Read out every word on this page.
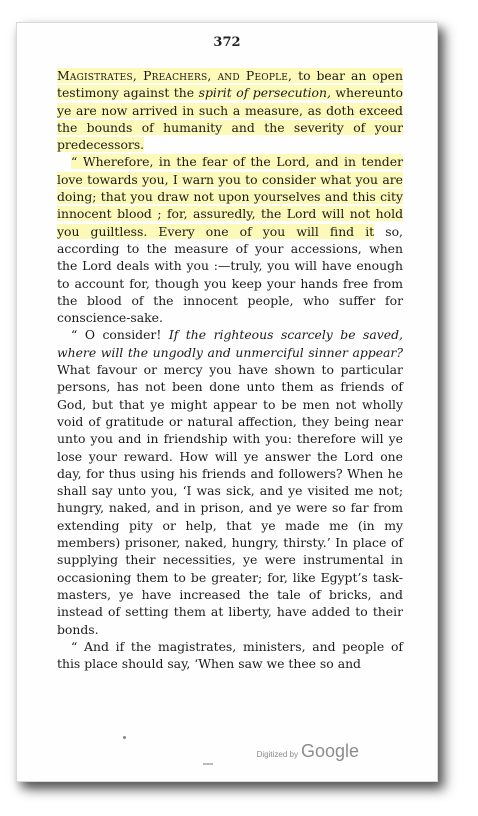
372

Magistrates, Preachers, and People, to bear an open testimony against the spirit of persecution, whereunto ye are now arrived in such a measure, as doth exceed the bounds of humanity and the severity of your predecessors.

“ Wherefore, in the fear of the Lord, and in tender love towards you, I warn you to consider what you are doing; that you draw not upon yourselves and this city innocent blood ; for, assuredly, the Lord will not hold you guiltless. Every one of you will find it so, according to the measure of your accessions, when the Lord deals with you :—truly, you will have enough to account for, though you keep your hands free from the blood of the innocent people, who suffer for conscience-sake.

“ O consider! If the righteous scarcely be saved, where will the ungodly and unmerciful sinner appear? What favour or mercy you have shown to particular persons, has not been done unto them as friends of God, but that ye might appear to be men not wholly void of gratitude or natural affection, they being near unto you and in friendship with you: therefore will ye lose your reward. How will ye answer the Lord one day, for thus using his friends and followers? When he shall say unto you, ‘I was sick, and ye visited me not; hungry, naked, and in prison, and ye were so far from extending pity or help, that ye made me (in my members) prisoner, naked, hungry, thirsty.’ In place of supplying their necessities, ye were instrumental in occasioning them to be greater; for, like Egypt’s task-masters, ye have increased the tale of bricks, and instead of setting them at liberty, have added to their bonds.

“ And if the magistrates, ministers, and people of this place should say, ‘When saw we thee so and

Digitized by Google
